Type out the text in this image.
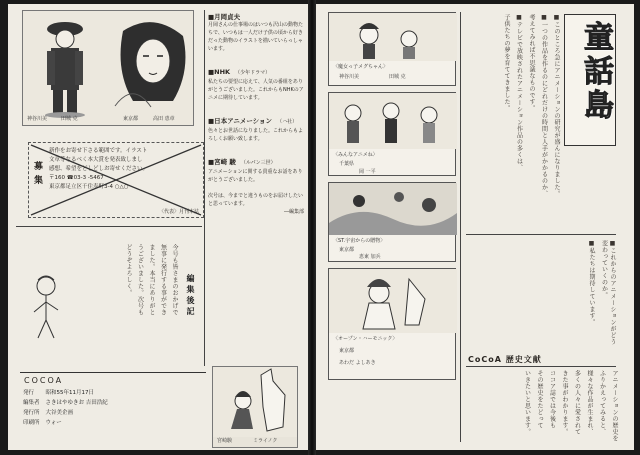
神谷川美	田城 克	東京都	高田 恵章
募
集
新作をお寄せ下さる範囲です。イラスト
文章等なるべく本大賞を発表致しまし
感想、希望をどしどしお寄せください。
〒160 ☎03-3 -5467
東京都足立区千住寿町3-4 ○△○
〈代表〉月刊本誌
■月岡貞夫
月岡さんの仕事場のはいつも沢山の動物たちで、いつもは一人だけ子供の頃から好きだった動物のイラストを描いていらっしゃいます。
■NHK （少年ドラマ）
私たちの要望に応えて、人気の番組をありがとうございました。これからもNHKのアニメに期待しています。
■日本アニメーション （ハ社）
色々とお世話になりました。これからもよろしくお願い致します。
■宮崎 駿 （ルパン三世）
アニメーションに関する貴重なお話をありがとうございました。
次号は、今までと違うものをお届けしたいと思っています。
―編集部
編集後記
今号も皆さまのおかげで
無事に発行する事ができ
ました。本当にありがと
うございました。次号も
どうぞよろしく。
宮崎駿	ミライノク
COCOA
発行	昭和55年11月17日
編集者	さきはやゆきお 吉田浩紀
発行所	大谷美企画
印刷所	ウォー
童話島
■このところ急にアニメーションの研究が盛んになりました。
■一つの作品を作るのにどれだけの時間と人手がかかるのか、
考えてみれば不思議なものです。
■テレビで放映されたアニメーション作品の多くは、
子供たちの夢を育ててきました。
■これからのアニメーションがどう変わっていくのか。
■私たちは期待しています。
〈魔女っ子メグちゃん〉
神谷川美	田城 克
〈みんなアニメね〉
千葉県
岡 一平
〈ST.宇宙からの贈物〉
東京都
恵東 加兵
〈オープン・ハーモニック〉
東京都
あわだ よしあき	CoCoA 歴史文献
アニメーションの歴史を
ふりかえってみると、
様々な作品が生まれ、
多くの人々に愛されて
きた事がわかります。
ココア誌では今後も
その歴史をたどって
いきたいと思います。
